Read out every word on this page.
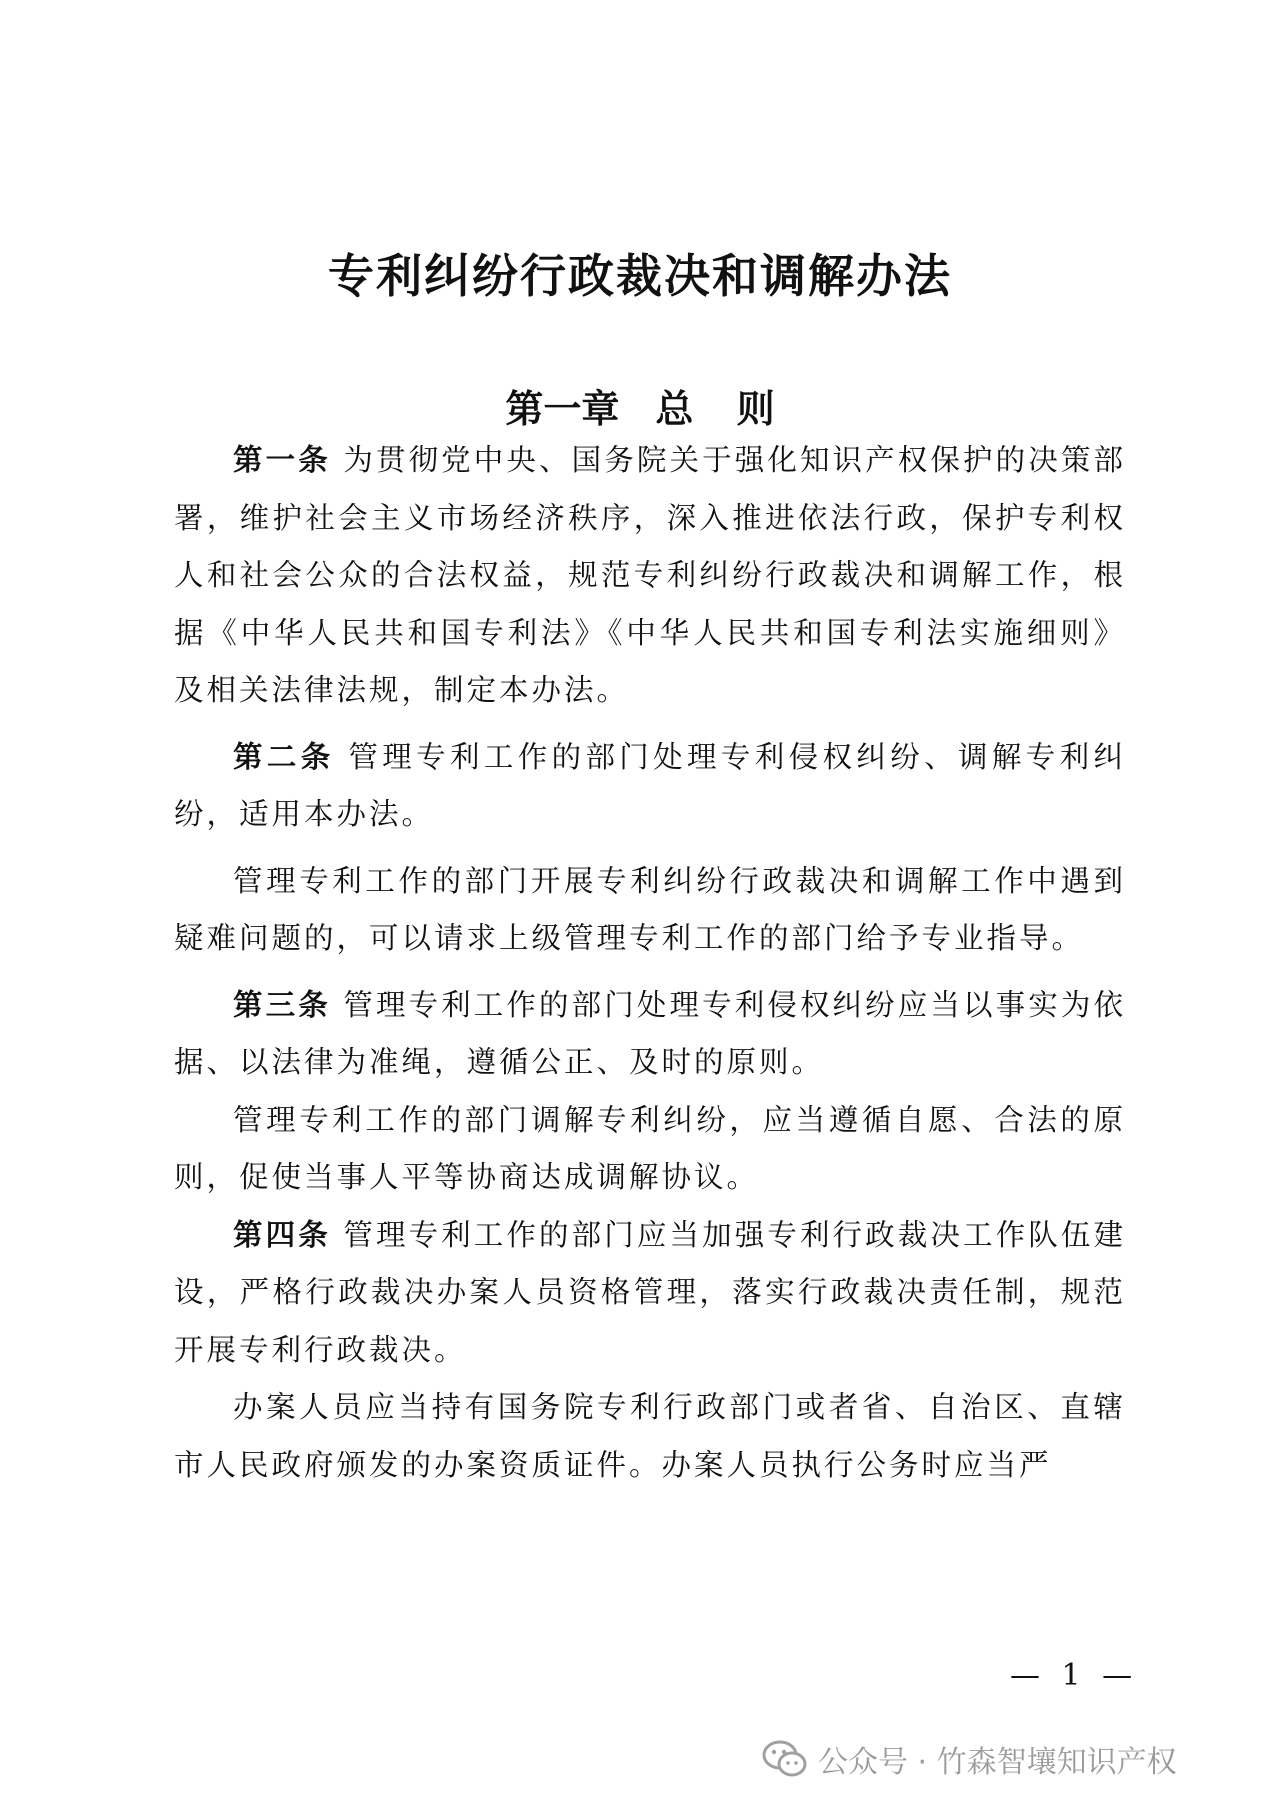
专利纠纷行政裁决和调解办法
第一章 总 则

第一条 为贯彻党中央、国务院关于强化知识产权保护的决策部署，维护社会主义市场经济秩序，深入推进依法行政，保护专利权人和社会公众的合法权益，规范专利纠纷行政裁决和调解工作，根据《中华人民共和国专利法》《中华人民共和国专利法实施细则》及相关法律法规，制定本办法。

第二条 管理专利工作的部门处理专利侵权纠纷、调解专利纠纷，适用本办法。

管理专利工作的部门开展专利纠纷行政裁决和调解工作中遇到疑难问题的，可以请求上级管理专利工作的部门给予专业指导。

第三条 管理专利工作的部门处理专利侵权纠纷应当以事实为依据、以法律为准绳，遵循公正、及时的原则。

管理专利工作的部门调解专利纠纷，应当遵循自愿、合法的原则，促使当事人平等协商达成调解协议。

第四条 管理专利工作的部门应当加强专利行政裁决工作队伍建设，严格行政裁决办案人员资格管理，落实行政裁决责任制，规范开展专利行政裁决。

办案人员应当持有国务院专利行政部门或者省、自治区、直辖市人民政府颁发的办案资质证件。办案人员执行公务时应当严

— 1 —
公众号 · 竹森智壤知识产权
